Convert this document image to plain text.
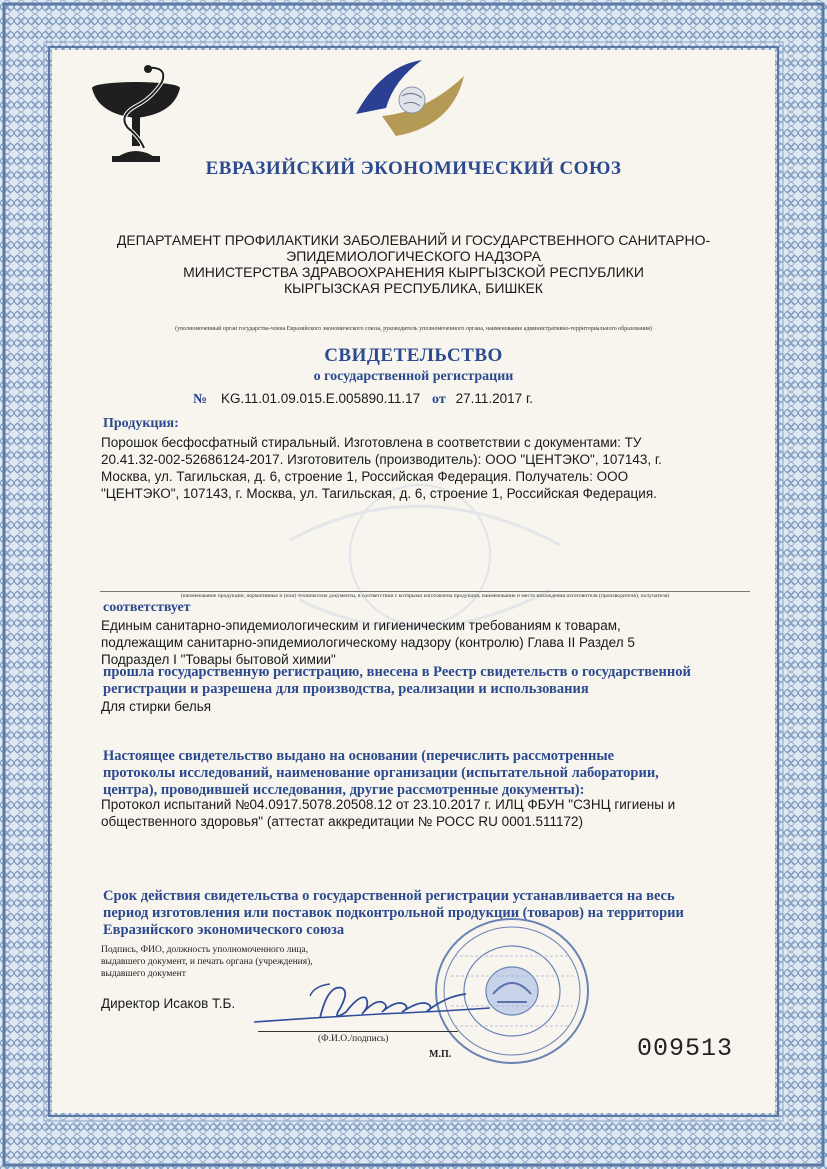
ЕВРАЗИЙСКИЙ ЭКОНОМИЧЕСКИЙ СОЮЗ
ДЕПАРТАМЕНТ ПРОФИЛАКТИКИ ЗАБОЛЕВАНИЙ И ГОСУДАРСТВЕННОГО САНИТАРНО-
ЭПИДЕМИОЛОГИЧЕСКОГО НАДЗОРА
МИНИСТЕРСТВА ЗДРАВООХРАНЕНИЯ КЫРГЫЗСКОЙ РЕСПУБЛИКИ
КЫРГЫЗСКАЯ РЕСПУБЛИКА, БИШКЕК
(уполномоченный орган государства-члена Евразийского экономического союза, руководитель уполномоченного органа, наименование административно-территориального образования)
СВИДЕТЕЛЬСТВО
о государственной регистрации
№ KG.11.01.09.015.E.005890.11.17 от 27.11.2017 г.
Продукция:
Порошок бесфосфатный стиральный. Изготовлена в соответствии с документами: ТУ
20.41.32-002-52686124-2017. Изготовитель (производитель): ООО "ЦЕНТЭКО", 107143, г.
Москва, ул. Тагильская, д. 6, строение 1, Российская Федерация. Получатель: ООО
"ЦЕНТЭКО", 107143, г. Москва, ул. Тагильская, д. 6, строение 1, Российская Федерация.
(наименование продукции, нормативные и (или) технические документы, в соответствии с которыми изготовлена продукция, наименование и место нахождения изготовителя (производителя), получателя)
соответствует
Единым санитарно-эпидемиологическим и гигиеническим требованиям к товарам,
подлежащим санитарно-эпидемиологическому надзору (контролю) Глава II Раздел 5
Подраздел I "Товары бытовой химии"
прошла государственную регистрацию, внесена в Реестр свидетельств о государственной
регистрации и разрешена для производства, реализации и использования
Для стирки белья
Настоящее свидетельство выдано на основании (перечислить рассмотренные
протоколы исследований, наименование организации (испытательной лаборатории,
центра), проводившей исследования, другие рассмотренные документы):
Протокол испытаний №04.0917.5078.20508.12 от 23.10.2017 г. ИЛЦ ФБУН "СЗНЦ гигиены и
общественного здоровья" (аттестат аккредитации № РОСС RU 0001.511172)
Срок действия свидетельства о государственной регистрации устанавливается на весь
период изготовления или поставок подконтрольной продукции (товаров) на территории
Евразийского экономического союза
Подпись, ФИО, должность уполномоченного лица,
выдавшего документ, и печать органа (учреждения),
выдавшего документ
Директор Исаков Т.Б.
(Ф.И.О./подпись)
М.П.	009513
